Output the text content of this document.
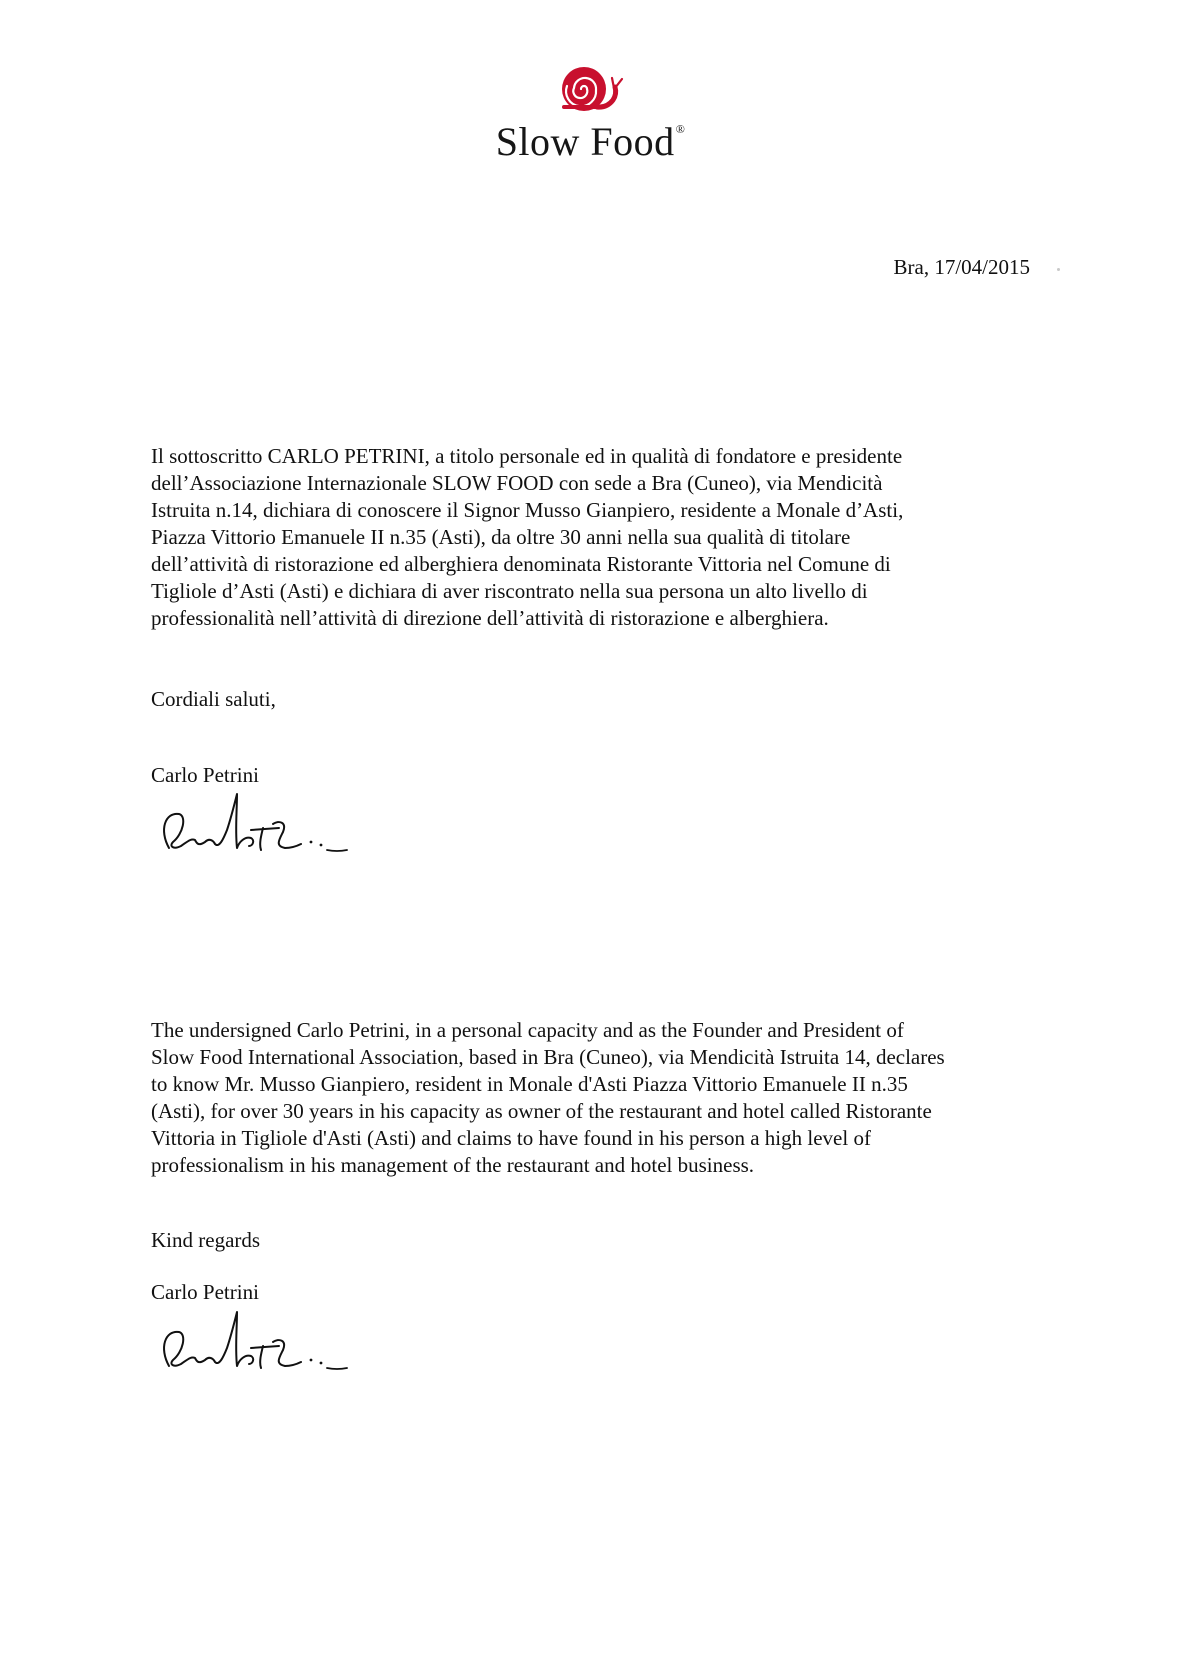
Slow Food®
Bra, 17/04/2015

Il sottoscritto CARLO PETRINI, a titolo personale ed in qualità di fondatore e presidente
dell’Associazione Internazionale SLOW FOOD con sede a Bra (Cuneo), via Mendicità
Istruita n.14, dichiara di conoscere il Signor Musso Gianpiero, residente a Monale d’Asti,
Piazza Vittorio Emanuele II n.35 (Asti), da oltre 30 anni nella sua qualità di titolare
dell’attività di ristorazione ed alberghiera denominata Ristorante Vittoria nel Comune di
Tigliole d’Asti (Asti) e dichiara di aver riscontrato nella sua persona un alto livello di
professionalità nell’attività di direzione dell’attività di ristorazione e alberghiera.

Cordiali saluti,
Carlo Petrini

The undersigned Carlo Petrini, in a personal capacity and as the Founder and President of
Slow Food International Association, based in Bra (Cuneo), via Mendicità Istruita 14, declares
to know Mr. Musso Gianpiero, resident in Monale d'Asti Piazza Vittorio Emanuele II n.35
(Asti), for over 30 years in his capacity as owner of the restaurant and hotel called Ristorante
Vittoria in Tigliole d'Asti (Asti) and claims to have found in his person a high level of
professionalism in his management of the restaurant and hotel business.

Kind regards
Carlo Petrini
